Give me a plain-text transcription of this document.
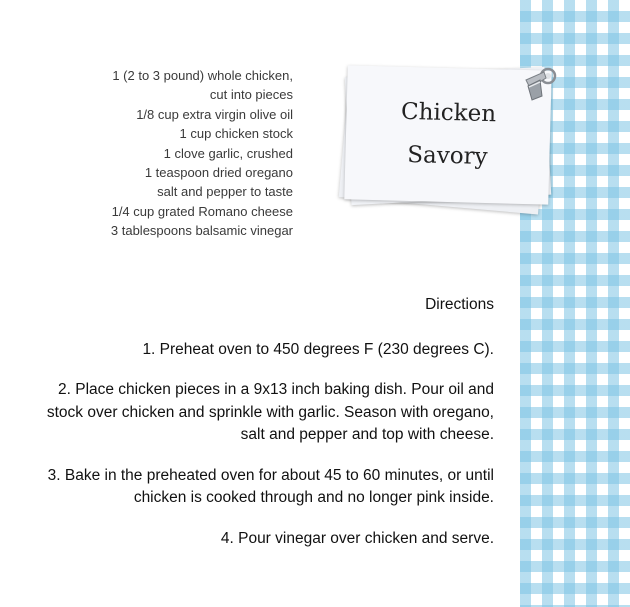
1 (2 to 3 pound) whole chicken, cut into pieces
1/8 cup extra virgin olive oil
1 cup chicken stock
1 clove garlic, crushed
1 teaspoon dried oregano
salt and pepper to taste
1/4 cup grated Romano cheese
3 tablespoons balsamic vinegar
Chicken
Savory
Directions
1. Preheat oven to 450 degrees F (230 degrees C).
2. Place chicken pieces in a 9x13 inch baking dish. Pour oil and stock over chicken and sprinkle with garlic. Season with oregano, salt and pepper and top with cheese.
3. Bake in the preheated oven for about 45 to 60 minutes, or until chicken is cooked through and no longer pink inside.
4. Pour vinegar over chicken and serve.
